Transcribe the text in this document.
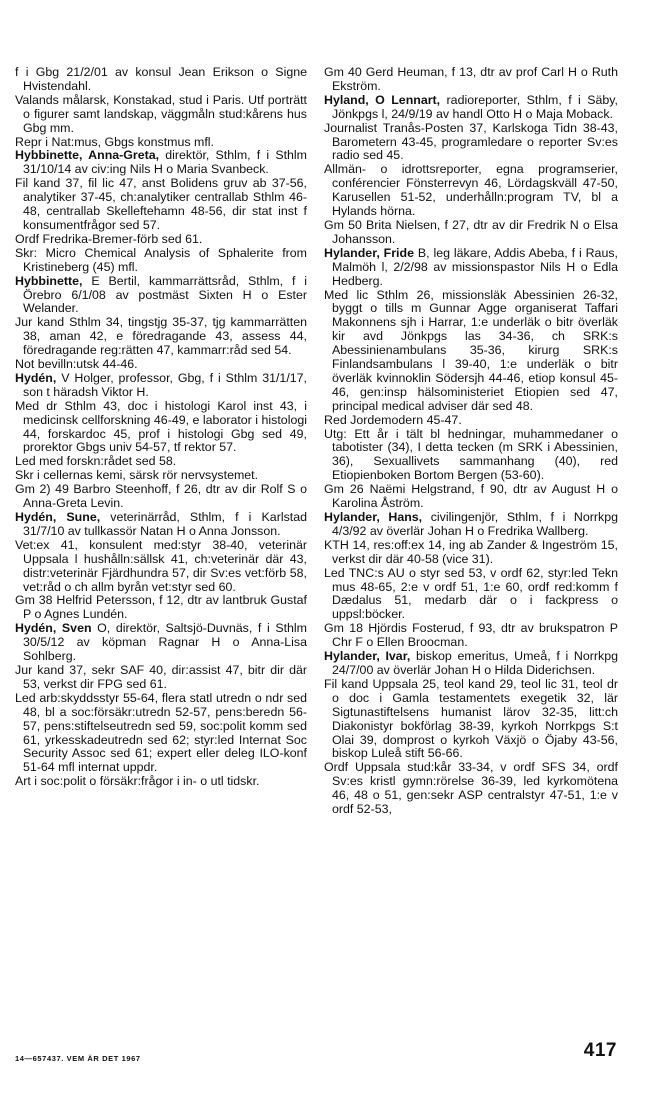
f i Gbg 21/2/01 av konsul Jean Erikson o Signe Hvistendahl.

Valands målarsk, Konstakad, stud i Paris. Utf porträtt o figurer samt landskap, väggmåln stud:kårens hus Gbg mm.

Repr i Nat:mus, Gbgs konstmus mfl.

Hybbinette, Anna-Greta, direktör, Sthlm, f i Sthlm 31/10/14 av civ:ing Nils H o Maria Svanbeck.

Fil kand 37, fil lic 47, anst Bolidens gruv ab 37-56, analytiker 37-45, ch:analytiker centrallab Sthlm 46-48, centrallab Skelleftehamn 48-56, dir stat inst f konsumentfrågor sed 57.

Ordf Fredrika-Bremer-förb sed 61.

Skr: Micro Chemical Analysis of Sphalerite from Kristineberg (45) mfl.

Hybbinette, E Bertil, kammarrättsråd, Sthlm, f i Örebro 6/1/08 av postmäst Sixten H o Ester Welander.

Jur kand Sthlm 34, tingstjg 35-37, tjg kammarrätten 38, aman 42, e föredragande 43, assess 44, föredragande reg:rätten 47, kammarr:råd sed 54.

Not bevilln:utsk 44-46.

Hydén, V Holger, professor, Gbg, f i Sthlm 31/1/17, son t häradsh Viktor H.

Med dr Sthlm 43, doc i histologi Karol inst 43, i medicinsk cellforskning 46-49, e laborator i histologi 44, forskardoc 45, prof i histologi Gbg sed 49, prorektor Gbgs univ 54-57, tf rektor 57.

Led med forskn:rådet sed 58.

Skr i cellernas kemi, särsk rör nervsystemet.

Gm 2) 49 Barbro Steenhoff, f 26, dtr av dir Rolf S o Anna-Greta Levin.

Hydén, Sune, veterinärråd, Sthlm, f i Karlstad 31/7/10 av tullkassör Natan H o Anna Jonsson.

Vet:ex 41, konsulent med:styr 38-40, veterinär Uppsala l hushålln:sällsk 41, ch:veterinär där 43, distr:veterinär Fjärdhundra 57, dir Sv:es vet:förb 58, vet:råd o ch allm byrån vet:styr sed 60.

Gm 38 Helfrid Petersson, f 12, dtr av lantbruk Gustaf P o Agnes Lundén.

Hydén, Sven O, direktör, Saltsjö-Duvnäs, f i Sthlm 30/5/12 av köpman Ragnar H o Anna-Lisa Sohlberg.

Jur kand 37, sekr SAF 40, dir:assist 47, bitr dir där 53, verkst dir FPG sed 61.

Led arb:skyddsstyr 55-64, flera statl utredn o ndr sed 48, bl a soc:försäkr:utredn 52-57, pens:beredn 56-57, pens:stiftelseutredn sed 59, soc:polit komm sed 61, yrkesskadeutredn sed 62; styr:led Internat Soc Security Assoc sed 61; expert eller deleg ILO-konf 51-64 mfl internat uppdr.

Art i soc:polit o försäkr:frågor i in- o utl tidskr.

Gm 40 Gerd Heuman, f 13, dtr av prof Carl H o Ruth Ekström.

Hyland, O Lennart, radioreporter, Sthlm, f i Säby, Jönkpgs l, 24/9/19 av handl Otto H o Maja Moback.

Journalist Tranås-Posten 37, Karlskoga Tidn 38-43, Barometern 43-45, programledare o reporter Sv:es radio sed 45.

Allmän- o idrottsreporter, egna programserier, conférencier Fönsterrevyn 46, Lördagskväll 47-50, Karusellen 51-52, underhålln:program TV, bl a Hylands hörna.

Gm 50 Brita Nielsen, f 27, dtr av dir Fredrik N o Elsa Johansson.

Hylander, Fride B, leg läkare, Addis Abeba, f i Raus, Malmöh l, 2/2/98 av missionspastor Nils H o Edla Hedberg.

Med lic Sthlm 26, missionsläk Abessinien 26-32, byggt o tills m Gunnar Agge organiserat Taffari Makonnens sjh i Harrar, 1:e underläk o bitr överläk kir avd Jönkpgs las 34-36, ch SRK:s Abessinienambulans 35-36, kirurg SRK:s Finlandsambulans l 39-40, 1:e underläk o bitr överläk kvinnoklin Södersjh 44-46, etiop konsul 45-46, gen:insp hälsoministeriet Etiopien sed 47, principal medical adviser där sed 48.

Red Jordemodern 45-47.

Utg: Ett år i tält bl hedningar, muhammedaner o tabotister (34), I detta tecken (m SRK i Abessinien, 36), Sexuallivets sammanhang (40), red Etiopienboken Bortom Bergen (53-60).

Gm 26 Naëmi Helgstrand, f 90, dtr av August H o Karolina Åström.

Hylander, Hans, civilingenjör, Sthlm, f i Norrkpg 4/3/92 av överlär Johan H o Fredrika Wallberg.

KTH 14, res:off:ex 14, ing ab Zander & Ingeström 15, verkst dir där 40-58 (vice 31).

Led TNC:s AU o styr sed 53, v ordf 62, styr:led Tekn mus 48-65, 2:e v ordf 51, 1:e 60, ordf red:komm f Dædalus 51, medarb där o i fackpress o uppsl:böcker.

Gm 18 Hjördis Fosterud, f 93, dtr av brukspatron P Chr F o Ellen Broocman.

Hylander, Ivar, biskop emeritus, Umeå, f i Norrkpg 24/7/00 av överlär Johan H o Hilda Diderichsen.

Fil kand Uppsala 25, teol kand 29, teol lic 31, teol dr o doc i Gamla testamentets exegetik 32, lär Sigtunastiftelsens humanist lärov 32-35, litt:ch Diakonistyr bokförlag 38-39, kyrkoh Norrkpgs S:t Olai 39, domprost o kyrkoh Växjö o Öjaby 43-56, biskop Luleå stift 56-66.

Ordf Uppsala stud:kår 33-34, v ordf SFS 34, ordf Sv:es kristl gymn:rörelse 36-39, led kyrkomötena 46, 48 o 51, gen:sekr ASP centralstyr 47-51, 1:e v ordf 52-53,

14—657437. VEM ÄR DET 1967	417
